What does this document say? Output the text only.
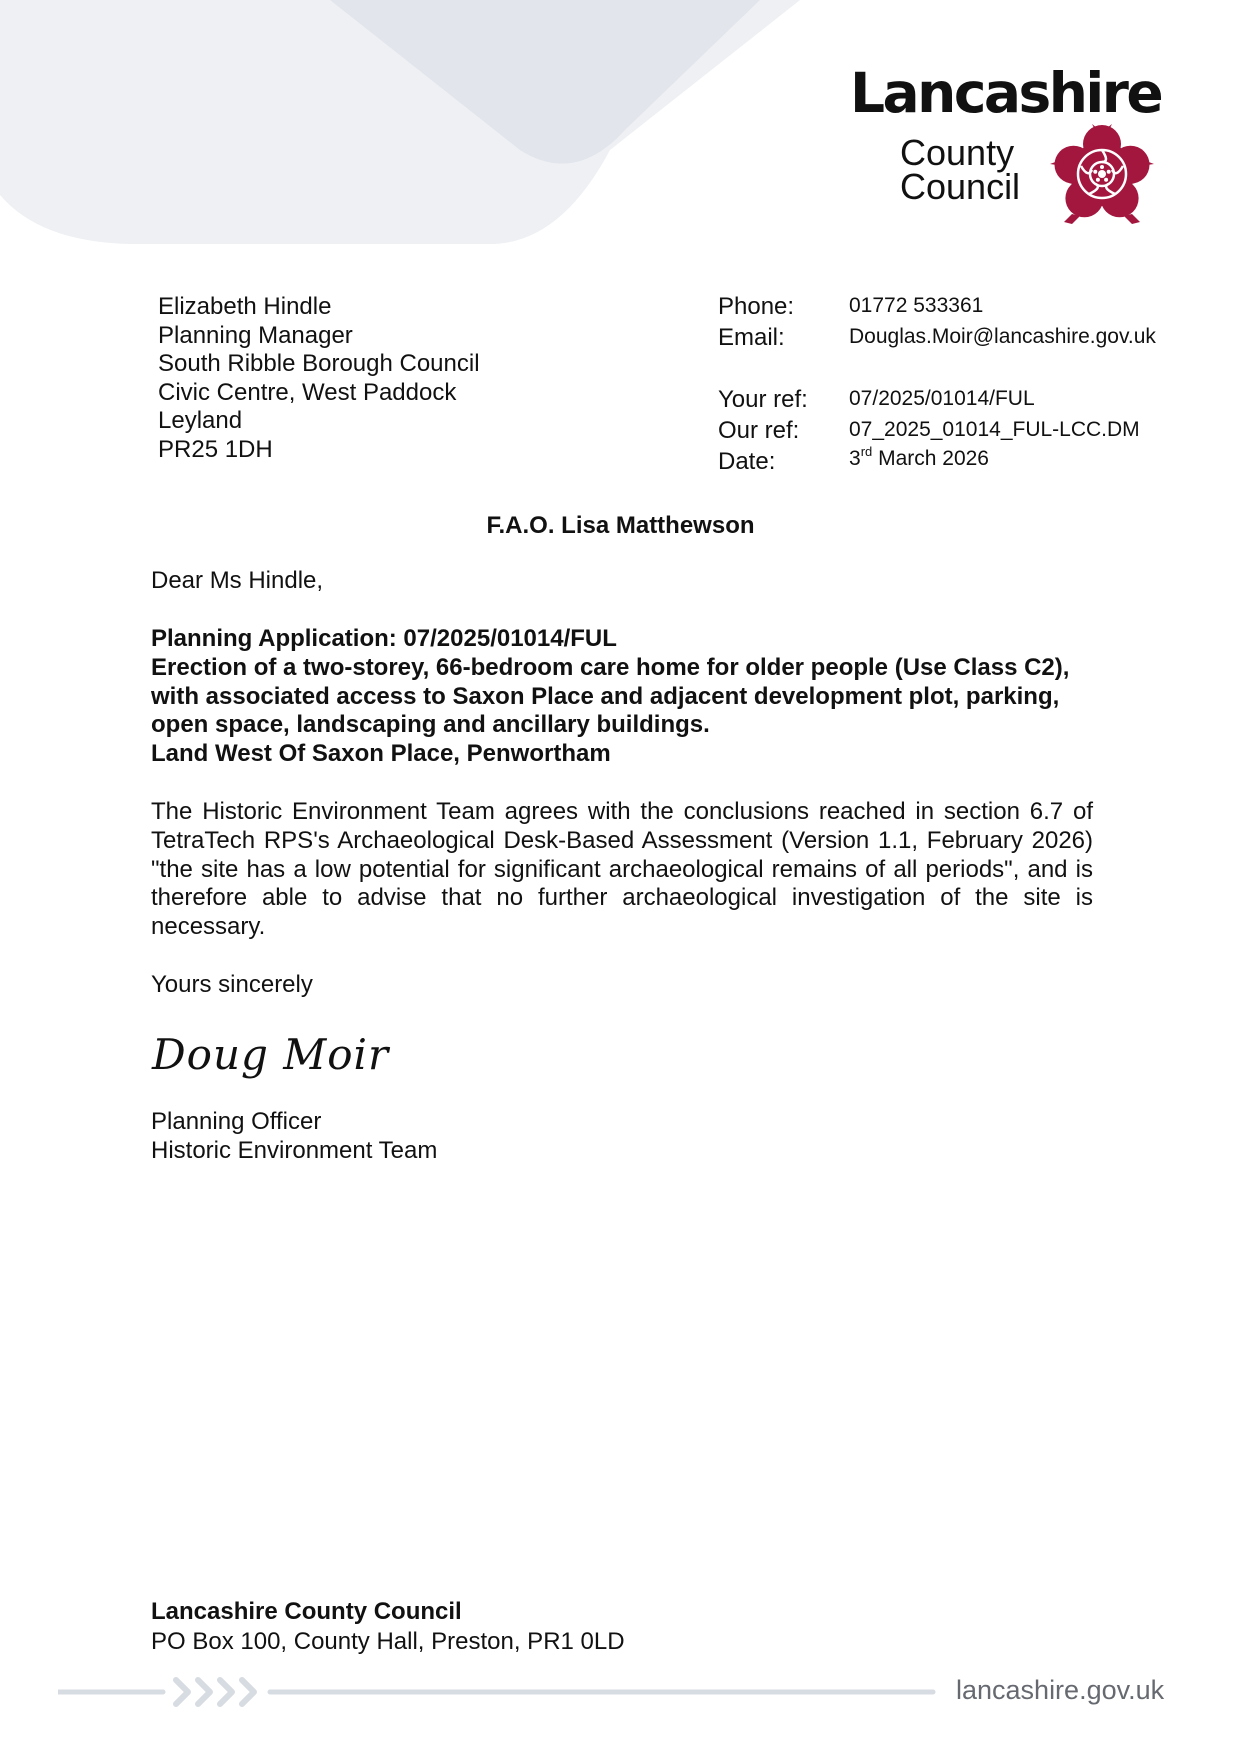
Lancashire
County
Council
Elizabeth Hindle
Planning Manager
South Ribble Borough Council
Civic Centre, West Paddock
Leyland
PR25 1DH
Phone:	01772 533361
Email:	Douglas.Moir@lancashire.gov.uk
Your ref: 07/2025/01014/FUL
Our ref: 07_2025_01014_FUL-LCC.DM
Date:	3rd March 2026
F.A.O. Lisa Matthewson
Dear Ms Hindle,
Planning Application: 07/2025/01014/FUL
Erection of a two-storey, 66-bedroom care home for older people (Use Class C2), with associated access to Saxon Place and adjacent development plot, parking, open space, landscaping and ancillary buildings.
Land West Of Saxon Place, Penwortham
The Historic Environment Team agrees with the conclusions reached in section 6.7 of TetraTech RPS's Archaeological Desk-Based Assessment (Version 1.1, February 2026) "the site has a low potential for significant archaeological remains of all periods", and is therefore able to advise that no further archaeological investigation of the site is necessary.
Yours sincerely
Doug Moir
Planning Officer
Historic Environment Team
Lancashire County Council
PO Box 100, County Hall, Preston, PR1 0LD
lancashire.gov.uk
